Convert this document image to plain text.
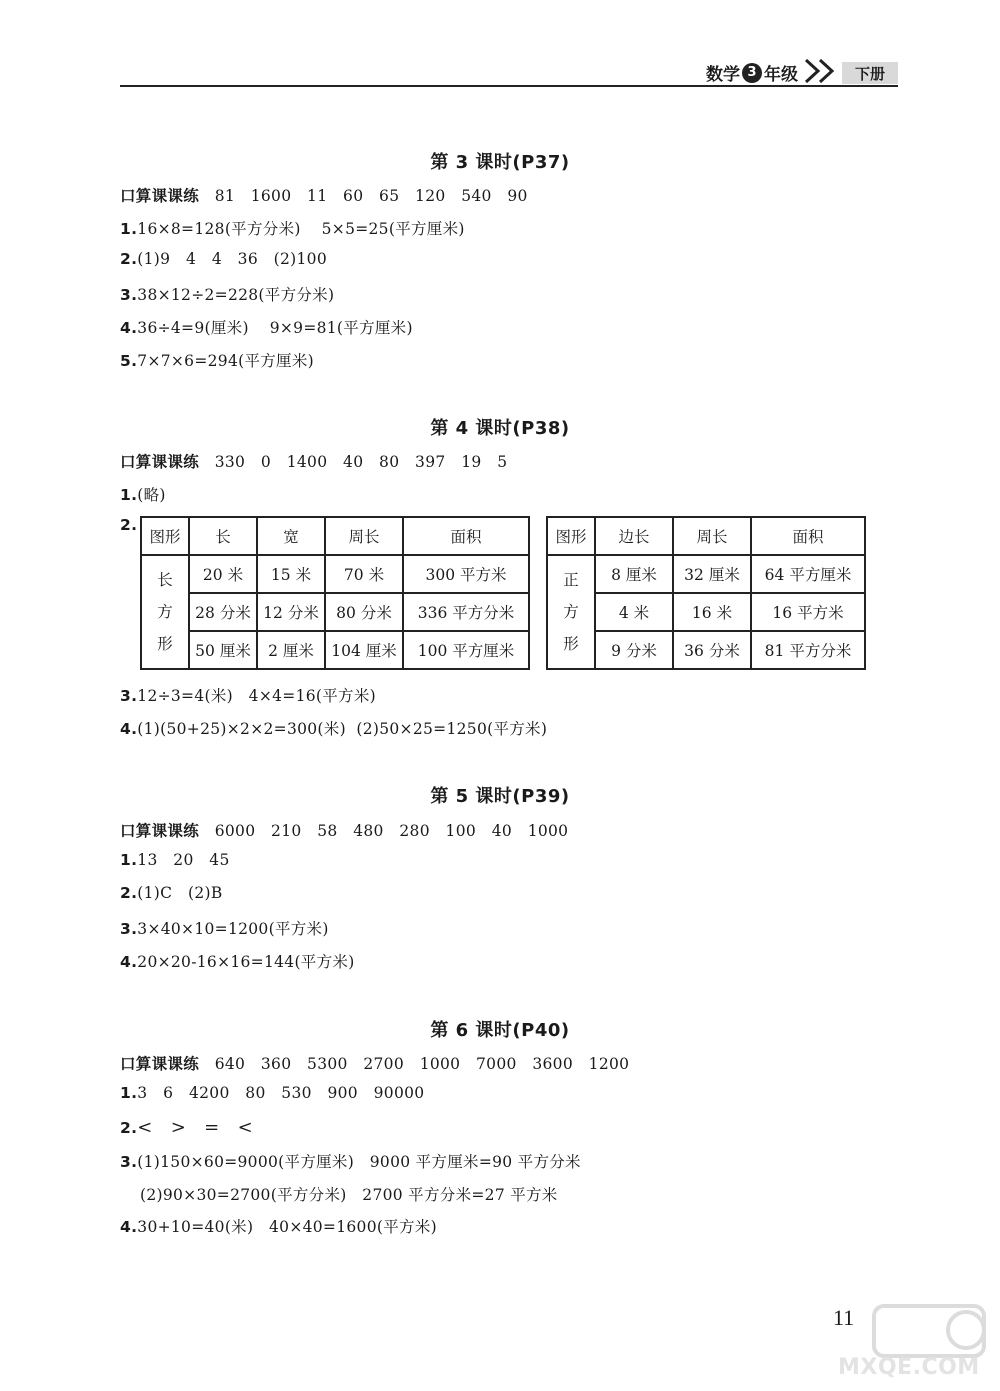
数学 3 年级	下册
第 3 课时(P37)
口算课课练 81   1600   11   60   65   120   540   90
1.16×8=128(平方分米)    5×5=25(平方厘米)
2.(1)9   4   4   36   (2)100
3.38×12÷2=228(平方分米)
4.36÷4=9(厘米)    9×9=81(平方厘米)
5.7×7×6=294(平方厘米)
第 4 课时(P38)
口算课课练 330   0   1400   40   80   397   19   5
1.(略)
2.
图形	长	宽	周长	面积

长
方
形	20 米	15 米	70 米	300 平方米
	28 分米	12 分米	80 分米	336 平方分米
	50 厘米	2 厘米	104 厘米	100 平方厘米
图形	边长	周长	面积

正
方
形	8 厘米	32 厘米	64 平方厘米
	4 米	16 米	16 平方米
	9 分米	36 分米	81 平方分米
3.12÷3=4(米)   4×4=16(平方米)
4.(1)(50+25)×2×2=300(米)  (2)50×25=1250(平方米)
第 5 课时(P39)
口算课课练 6000   210   58   480   280   100   40   1000
1.13   20   45
2.(1)C   (2)B
3.3×40×10=1200(平方米)
4.20×20-16×16=144(平方米)
第 6 课时(P40)
口算课课练 640   360   5300   2700   1000   7000   3600   1200
1.3   6   4200   80   530   900   90000
2.<   >   =   <
3.(1)150×60=9000(平方厘米)   9000 平方厘米=90 平方分米
(2)90×30=2700(平方分米)   2700 平方分米=27 平方米
4.30+10=40(米)   40×40=1600(平方米)
11
MXQE.COM
